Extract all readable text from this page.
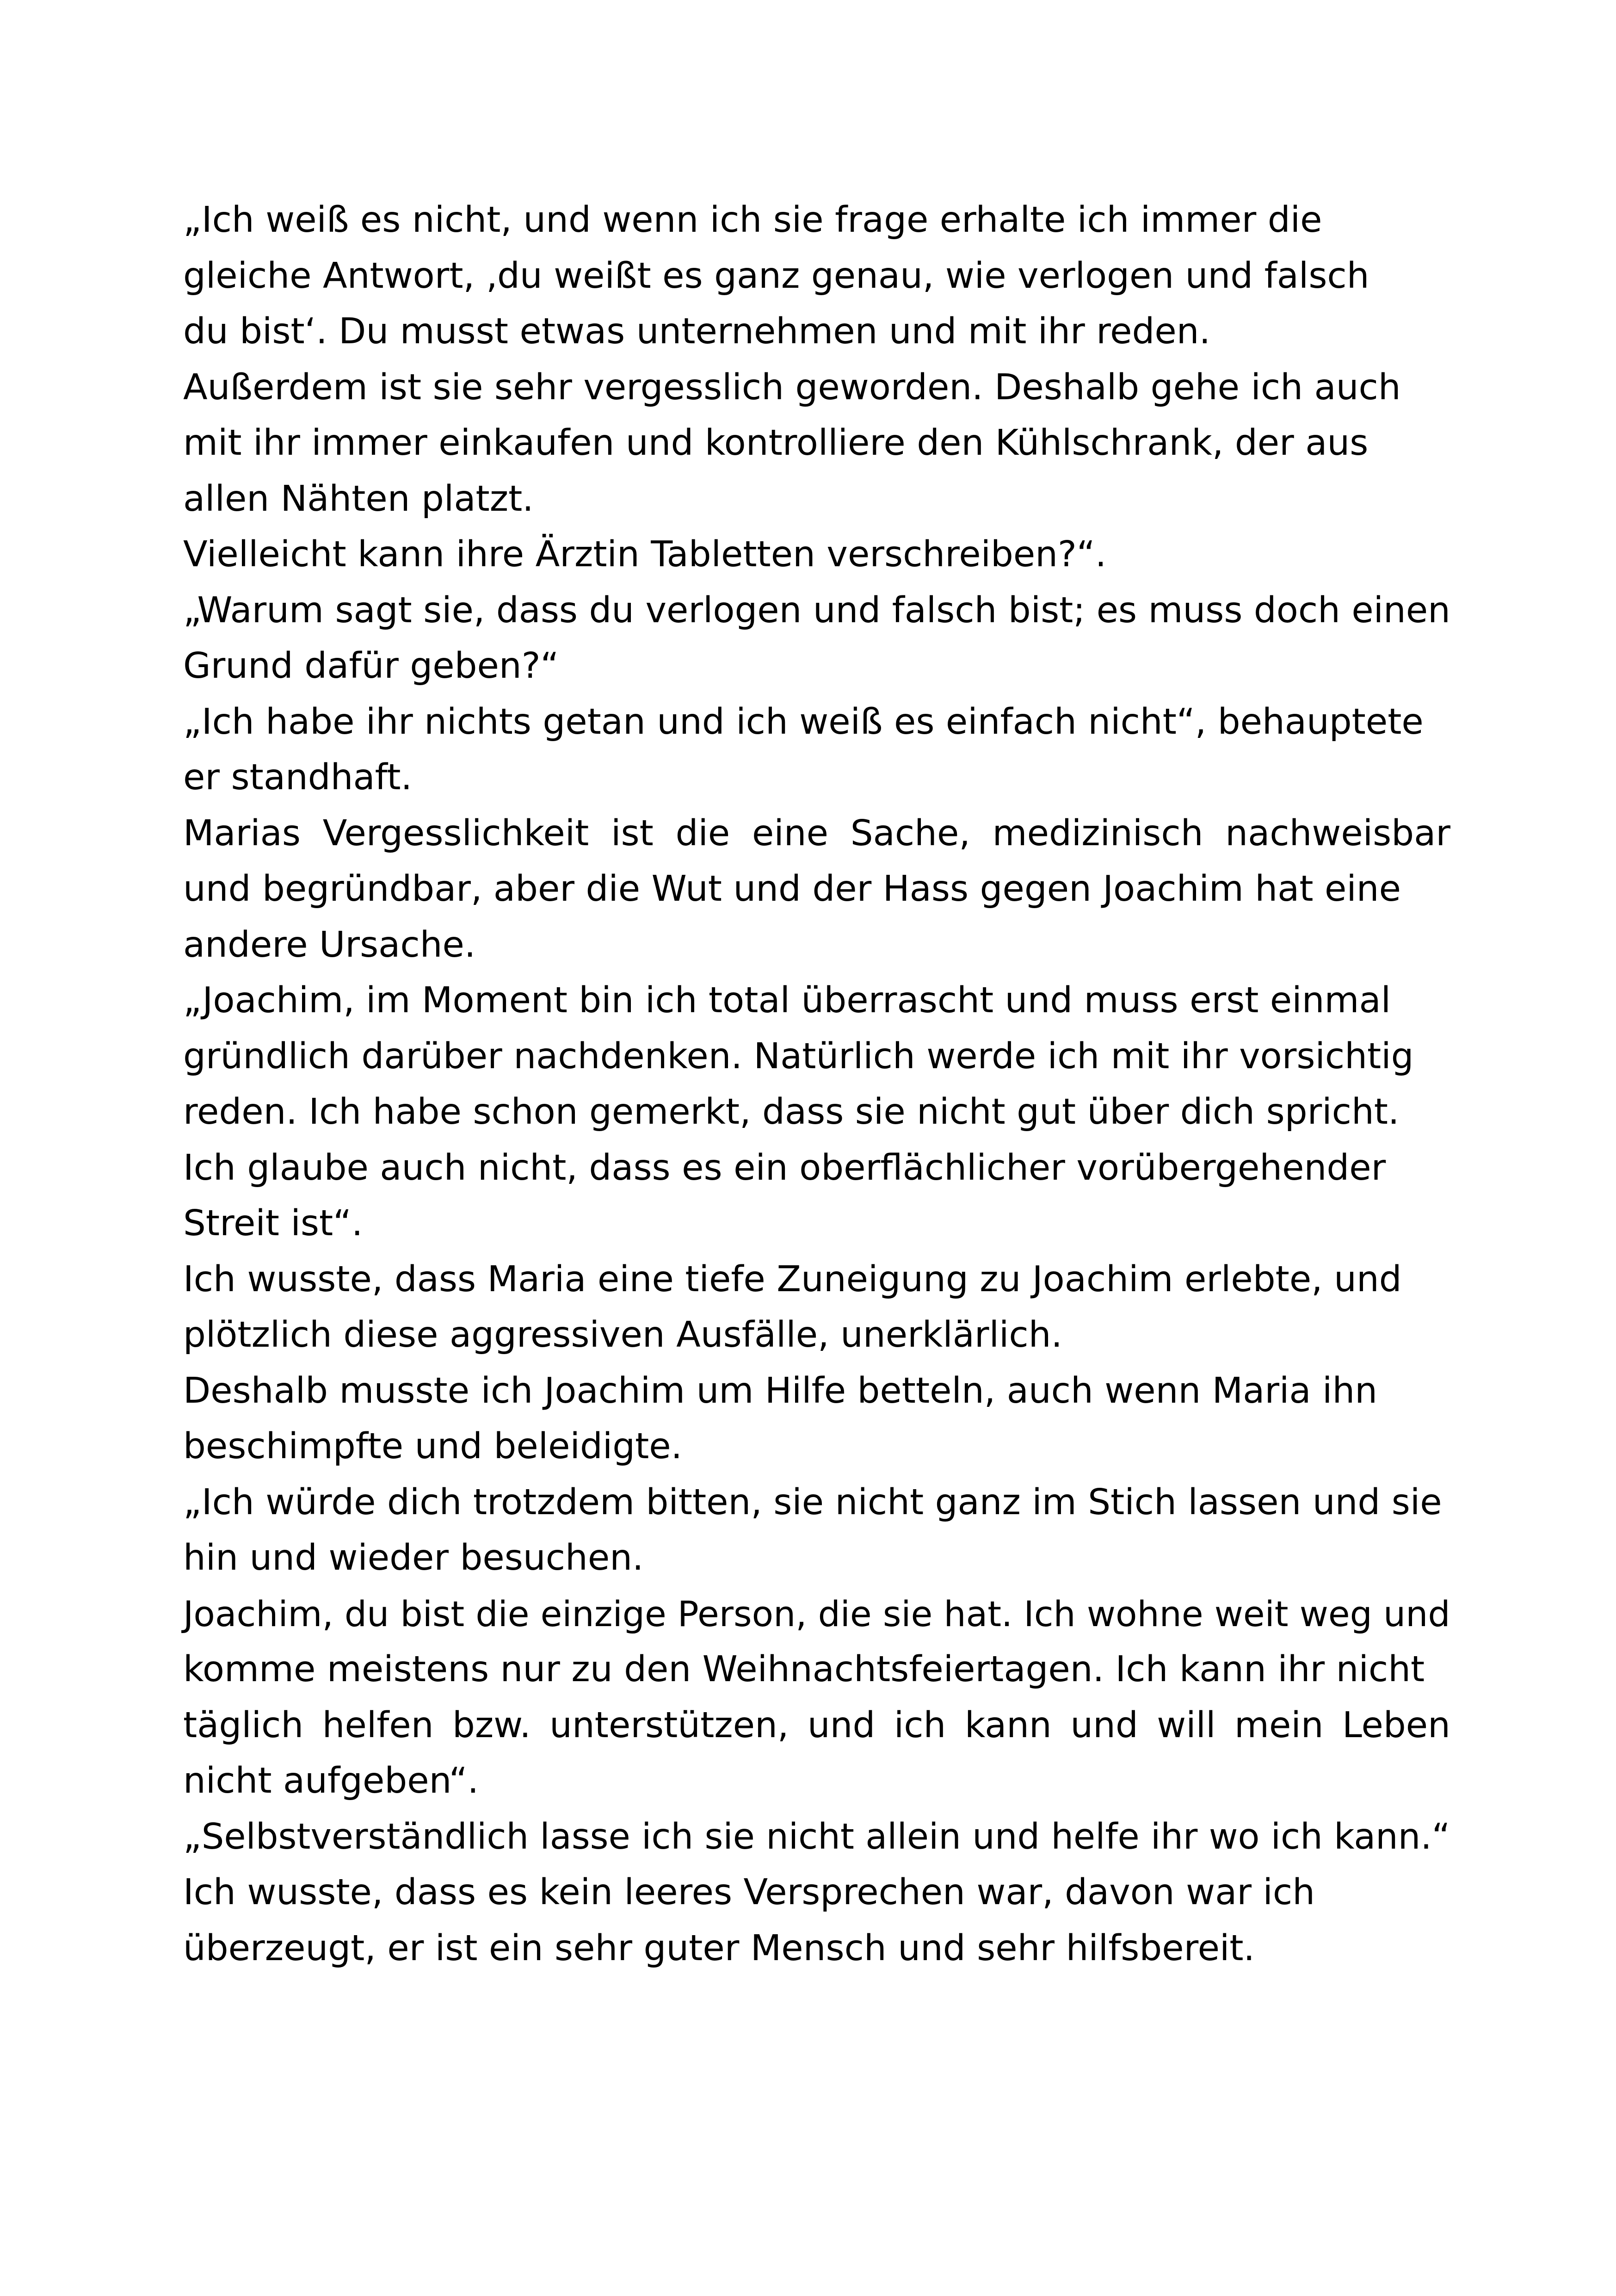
„Ich weiß es nicht, und wenn ich sie frage erhalte ich immer die
gleiche Antwort, ‚du weißt es ganz genau, wie verlogen und falsch
du bist‘. Du musst etwas unternehmen und mit ihr reden.
Außerdem ist sie sehr vergesslich geworden. Deshalb gehe ich auch
mit ihr immer einkaufen und kontrolliere den Kühlschrank, der aus
allen Nähten platzt.
Vielleicht kann ihre Ärztin Tabletten verschreiben?“.
„Warum sagt sie, dass du verlogen und falsch bist; es muss doch einen
Grund dafür geben?“
„Ich habe ihr nichts getan und ich weiß es einfach nicht“, behauptete
er standhaft.
Marias Vergesslichkeit ist die eine Sache, medizinisch nachweisbar
und begründbar, aber die Wut und der Hass gegen Joachim hat eine
andere Ursache.
„Joachim, im Moment bin ich total überrascht und muss erst einmal
gründlich darüber nachdenken. Natürlich werde ich mit ihr vorsichtig
reden. Ich habe schon gemerkt, dass sie nicht gut über dich spricht.
Ich glaube auch nicht, dass es ein oberflächlicher vorübergehender
Streit ist“.
Ich wusste, dass Maria eine tiefe Zuneigung zu Joachim erlebte, und
plötzlich diese aggressiven Ausfälle, unerklärlich.
Deshalb musste ich Joachim um Hilfe betteln, auch wenn Maria ihn
beschimpfte und beleidigte.
„Ich würde dich trotzdem bitten, sie nicht ganz im Stich lassen und sie
hin und wieder besuchen.
Joachim, du bist die einzige Person, die sie hat. Ich wohne weit weg und
komme meistens nur zu den Weihnachtsfeiertagen. Ich kann ihr nicht
täglich helfen bzw. unterstützen, und ich kann und will mein Leben
nicht aufgeben“.
„Selbstverständlich lasse ich sie nicht allein und helfe ihr wo ich kann.“
Ich wusste, dass es kein leeres Versprechen war, davon war ich
überzeugt, er ist ein sehr guter Mensch und sehr hilfsbereit.
